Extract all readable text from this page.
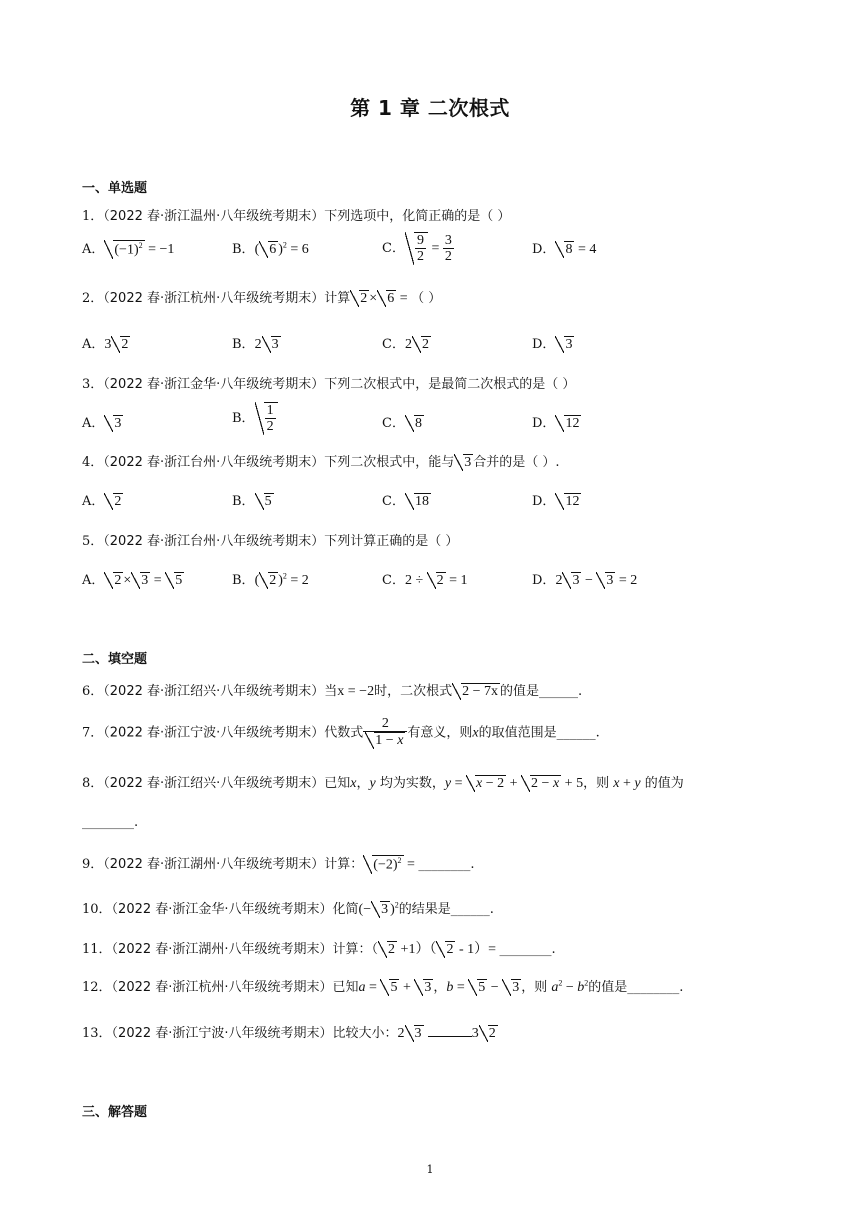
第 1 章 二次根式
一、单选题
1．（2022 春·浙江温州·八年级统考期末）下列选项中，化简正确的是（ ）
A． $(-1)^2 = -1$	B．( 6 )$^2$ = 6	C． $\frac{9}{2} = \frac{3}{2}$	D． 8 = 4
2．（2022 春·浙江杭州·八年级统考期末）计算 2 × 6 = （ ）
A．3 2	B．2 3	C．2 2	D． 3
3．（2022 春·浙江金华·八年级统考期末）下列二次根式中，是最简二次根式的是（ ）
A． 3	B． $\frac{1}{2}$	C． 8	D． 12
4．（2022 春·浙江台州·八年级统考期末）下列二次根式中，能与 3 合并的是（ ）.
A． 2	B． 5	C． 18	D． 12
5．（2022 春·浙江台州·八年级统考期末）下列计算正确的是（ ）
A． 2 × 3 = 5	B．( 2 )$^2$ = 2	C．2 ÷ 2 = 1	D．2 3 − 3 = 2
二、填空题
6．（2022 春·浙江绍兴·八年级统考期末）当x = −2时，二次根式 2 − 7x 的值是______.
7．（2022 春·浙江宁波·八年级统考期末）代数式 $\frac{2}{1 - x}$ 有意义，则x的取值范围是______.
8．（2022 春·浙江绍兴·八年级统考期末）已知x，y 均为实数，y = x − 2 + 2 − x + 5，则 x + y 的值为
________.
9．（2022 春·浙江湖州·八年级统考期末）计算： $(-2)^2$ = ________.
10．（2022 春·浙江金华·八年级统考期末）化简(− 3 )$^2$的结果是______.
11．（2022 春·浙江湖州·八年级统考期末）计算：（ 2 +1）（ 2 - 1）= ________.
12．（2022 春·浙江杭州·八年级统考期末）已知a = 5 + 3 ，b = 5 − 3 ，则 $a^2 - b^2$的值是________.
13．（2022 春·浙江宁波·八年级统考期末）比较大小：2 3	3 2
三、解答题
1
